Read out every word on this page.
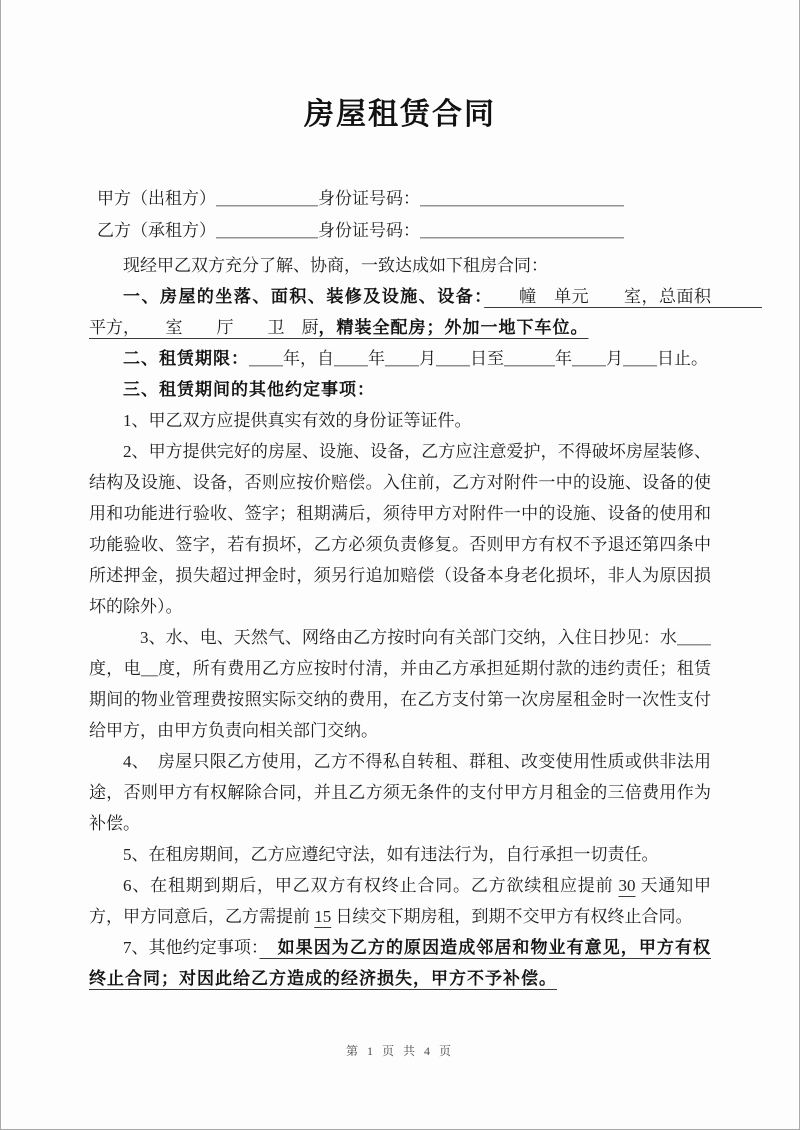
房屋租赁合同
甲方（出租方）＿＿＿＿＿＿身份证号码：＿＿＿＿＿＿＿＿＿＿＿＿
乙方（承租方）＿＿＿＿＿＿身份证号码：＿＿＿＿＿＿＿＿＿＿＿＿

现经甲乙双方充分了解、协商，一致达成如下租房合同：

一、房屋的坐落、面积、装修及设施、设备：　　幢　单元　　室，总面积　　　平方，　　室　　厅　　卫　厨，精装全配房；外加一地下车位。

二、租赁期限：＿＿年，自＿＿年＿＿月＿＿日至＿＿＿年＿＿月＿＿日止。

三、租赁期间的其他约定事项：

1、甲乙双方应提供真实有效的身份证等证件。

2、甲方提供完好的房屋、设施、设备，乙方应注意爱护，不得破坏房屋装修、结构及设施、设备，否则应按价赔偿。入住前，乙方对附件一中的设施、设备的使用和功能进行验收、签字；租期满后，须待甲方对附件一中的设施、设备的使用和功能验收、签字，若有损坏，乙方必须负责修复。否则甲方有权不予退还第四条中所述押金，损失超过押金时，须另行追加赔偿（设备本身老化损坏，非人为原因损坏的除外）。

　3、水、电、天然气、网络由乙方按时向有关部门交纳，入住日抄见：水＿＿度，电＿度，所有费用乙方应按时付清，并由乙方承担延期付款的违约责任；租赁期间的物业管理费按照实际交纳的费用，在乙方支付第一次房屋租金时一次性支付给甲方，由甲方负责向相关部门交纳。

4、　房屋只限乙方使用，乙方不得私自转租、群租、改变使用性质或供非法用途，否则甲方有权解除合同，并且乙方须无条件的支付甲方月租金的三倍费用作为补偿。

5、在租房期间，乙方应遵纪守法，如有违法行为，自行承担一切责任。

6、在租期到期后，甲乙双方有权终止合同。乙方欲续租应提前 30 天通知甲方，甲方同意后，乙方需提前 15 日续交下期房租，到期不交甲方有权终止合同。

7、其他约定事项：　如果因为乙方的原因造成邻居和物业有意见，甲方有权终止合同；对因此给乙方造成的经济损失，甲方不予补偿。

第 1 页 共 4 页
